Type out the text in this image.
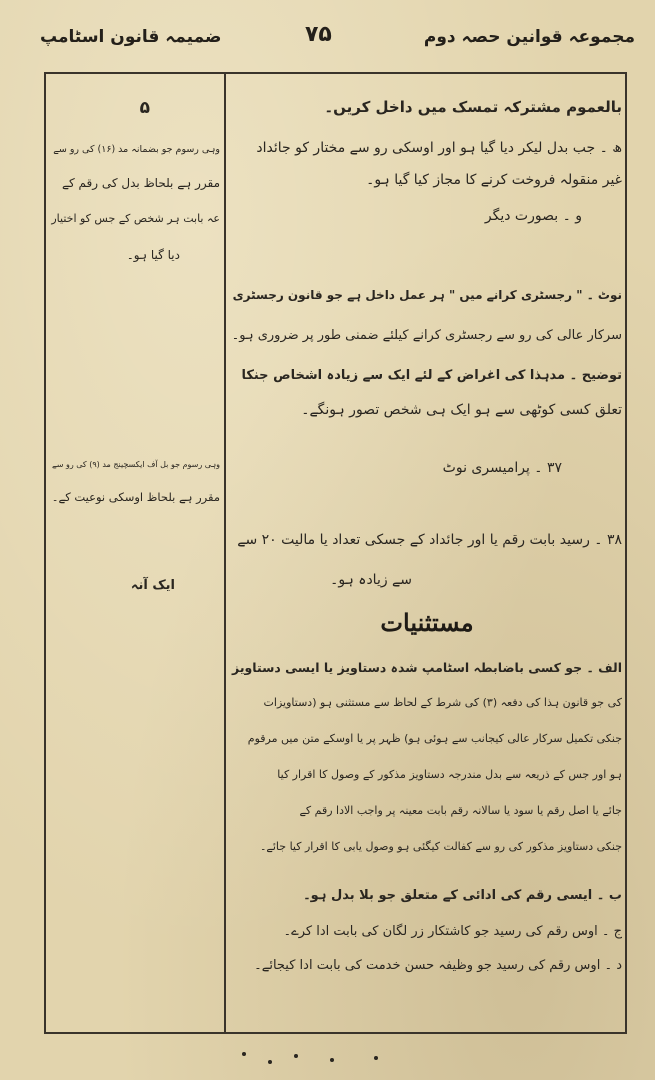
ضمیمہ قانون اسٹامپ	۷۵	مجموعہ قوانین حصہ دوم
بالعموم مشترکہ تمسک میں داخل کریں۔
ھ ۔ جب بدل لیکر دیا گیا ہو اور اوسکی رو سے مختار کو جائداد
غیر منقولہ فروخت کرنے کا مجاز کیا گیا ہو۔
و ۔ بصورت دیگر
نوٹ ۔ " رجسٹری کرانے میں " ہر عمل داخل ہے جو قانون رجسٹری
سرکار عالی کی رو سے رجسٹری کرانے کیلئے ضمنی طور پر ضروری ہو۔
توضیح ۔ مدہذا کی اغراض کے لئے ایک سے زیادہ اشخاص جنکا
تعلق کسی کوٹھی سے ہو ایک ہی شخص تصور ہونگے۔
۳۷ ۔ پرامیسری نوٹ
۳۸ ۔ رسید بابت رقم یا اور جائداد کے جسکی تعداد یا مالیت ۲۰ سے
سے زیادہ ہو۔
مستثنیات
الف ۔ جو کسی باضابطہ اسٹامپ شدہ دستاویز یا ایسی دستاویز
کی جو قانون ہذا کی دفعہ (۳) کی شرط کے لحاظ سے مستثنی ہو (دستاویزات
جنکی تکمیل سرکار عالی کیجانب سے ہوئی ہو) ظہر پر یا اوسکے متن میں مرقوم
ہو اور جس کے ذریعہ سے بدل مندرجہ دستاویز مذکور کے وصول کا اقرار کیا
جائے یا اصل رقم یا سود یا سالانہ رقم بابت معینہ پر واجب الادا رقم کے
جنکی دستاویز مذکور کی رو سے کفالت کیگئی ہو وصول یابی کا اقرار کیا جائے۔
ب ۔ ایسی رقم کی ادائی کے متعلق جو بلا بدل ہو۔
ج ۔ اوس رقم کی رسید جو کاشتکار زر لگان کی بابت ادا کرے۔
د ۔ اوس رقم کی رسید جو وظیفہ حسن خدمت کی بابت ادا کیجائے۔
۵
وہی رسوم جو بضمانہ مد (۱۶) کی رو سے
مقرر ہے بلحاظ بدل کی رقم کے
عہ بابت ہر شخص کے جس کو اختیار
دیا گیا ہو۔
وہی رسوم جو بل آف ایکسچینج مد (۹) کی رو سے
مقرر ہے بلحاظ اوسکی نوعیت کے۔
ایک آنہ
